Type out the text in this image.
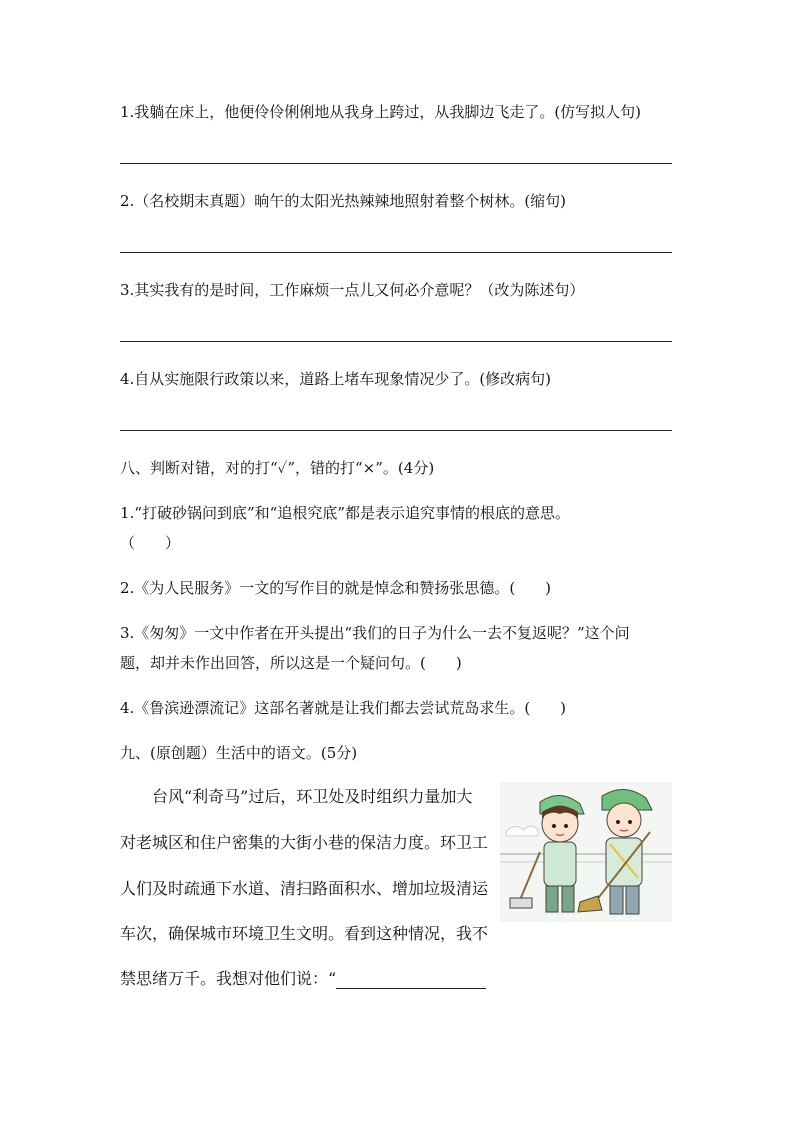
1.我躺在床上，他便伶伶俐俐地从我身上跨过，从我脚边飞走了。(仿写拟人句)
2.（名校期末真题）晌午的太阳光热辣辣地照射着整个树林。(缩句)
3.其实我有的是时间，工作麻烦一点儿又何必介意呢？（改为陈述句）
4.自从实施限行政策以来，道路上堵车现象情况少了。(修改病句)
八、判断对错，对的打“✓”，错的打“×”。(4分)
1.“打破砂锅问到底”和“追根究底”都是表示追究事情的根底的意思。
（　　）
2.《为人民服务》一文的写作目的就是悼念和赞扬张思德。(　　)
3.《匆匆》一文中作者在开头提出“我们的日子为什么一去不复返呢？”这个问
题，却并未作出回答，所以这是一个疑问句。(　　)
4.《鲁滨逊漂流记》这部名著就是让我们都去尝试荒岛求生。(　　)
九、(原创题）生活中的语文。(5分)
　　台风“利奇马”过后，环卫处及时组织力量加大
对老城区和住户密集的大街小巷的保洁力度。环卫工
人们及时疏通下水道、清扫路面积水、增加垃圾清运
车次，确保城市环境卫生文明。看到这种情况，我不
禁思绪万千。我想对他们说：“
